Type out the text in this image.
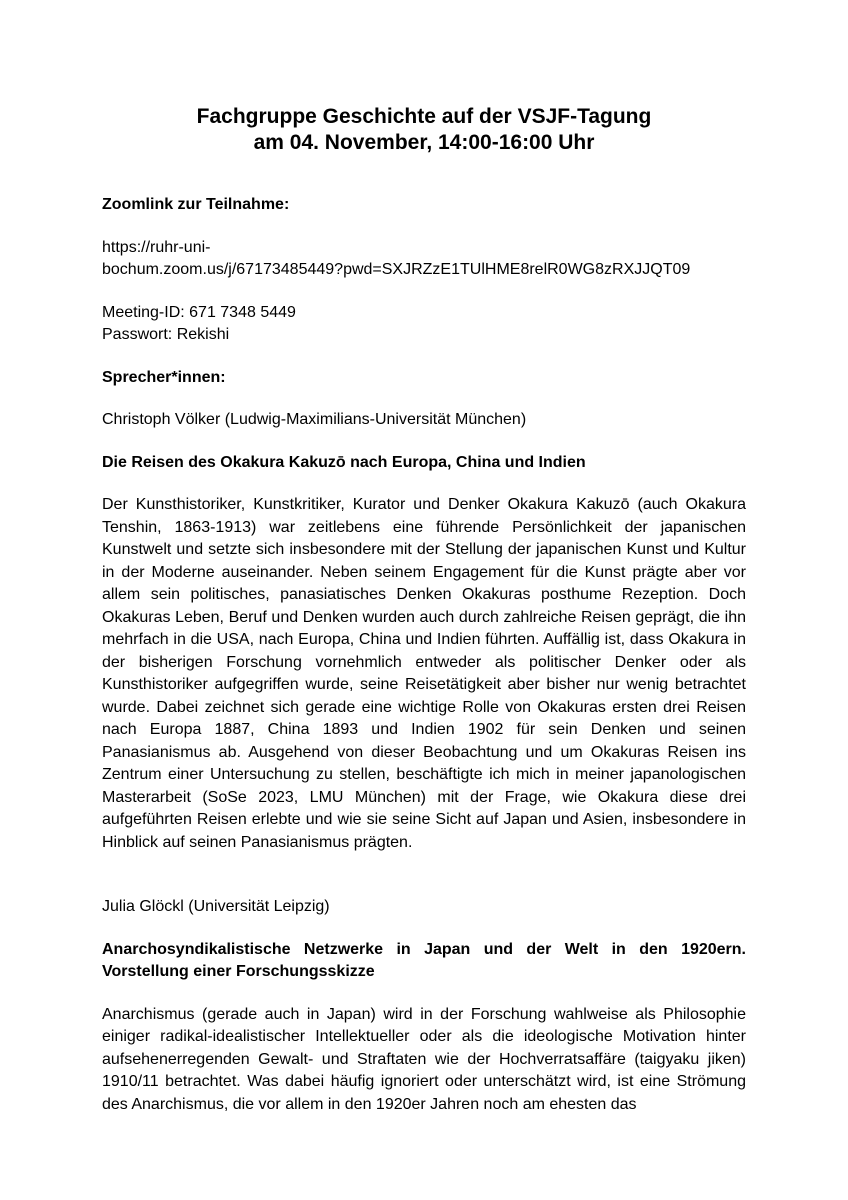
Fachgruppe Geschichte auf der VSJF-Tagung
am 04. November, 14:00-16:00 Uhr

Zoomlink zur Teilnahme:

https://ruhr-uni-
bochum.zoom.us/j/67173485449?pwd=SXJRZzE1TUlHME8relR0WG8zRXJJQT09

Meeting-ID: 671 7348 5449
Passwort: Rekishi

Sprecher*innen:

Christoph Völker (Ludwig-Maximilians-Universität München)

Die Reisen des Okakura Kakuzō nach Europa, China und Indien

Der Kunsthistoriker, Kunstkritiker, Kurator und Denker Okakura Kakuzō (auch Okakura Tenshin, 1863-1913) war zeitlebens eine führende Persönlichkeit der japanischen Kunstwelt und setzte sich insbesondere mit der Stellung der japanischen Kunst und Kultur in der Moderne auseinander. Neben seinem Engagement für die Kunst prägte aber vor allem sein politisches, panasiatisches Denken Okakuras posthume Rezeption. Doch Okakuras Leben, Beruf und Denken wurden auch durch zahlreiche Reisen geprägt, die ihn mehrfach in die USA, nach Europa, China und Indien führten. Auffällig ist, dass Okakura in der bisherigen Forschung vornehmlich entweder als politischer Denker oder als Kunsthistoriker aufgegriffen wurde, seine Reisetätigkeit aber bisher nur wenig betrachtet wurde. Dabei zeichnet sich gerade eine wichtige Rolle von Okakuras ersten drei Reisen nach Europa 1887, China 1893 und Indien 1902 für sein Denken und seinen Panasianismus ab. Ausgehend von dieser Beobachtung und um Okakuras Reisen ins Zentrum einer Untersuchung zu stellen, beschäftigte ich mich in meiner japanologischen Masterarbeit (SoSe 2023, LMU München) mit der Frage, wie Okakura diese drei aufgeführten Reisen erlebte und wie sie seine Sicht auf Japan und Asien, insbesondere in Hinblick auf seinen Panasianismus prägten.

Julia Glöckl (Universität Leipzig)

Anarchosyndikalistische Netzwerke in Japan und der Welt in den 1920ern. Vorstellung einer Forschungsskizze

Anarchismus (gerade auch in Japan) wird in der Forschung wahlweise als Philosophie einiger radikal-idealistischer Intellektueller oder als die ideologische Motivation hinter aufsehenerregenden Gewalt- und Straftaten wie der Hochverratsaffäre (taigyaku jiken) 1910/11 betrachtet. Was dabei häufig ignoriert oder unterschätzt wird, ist eine Strömung des Anarchismus, die vor allem in den 1920er Jahren noch am ehesten das
